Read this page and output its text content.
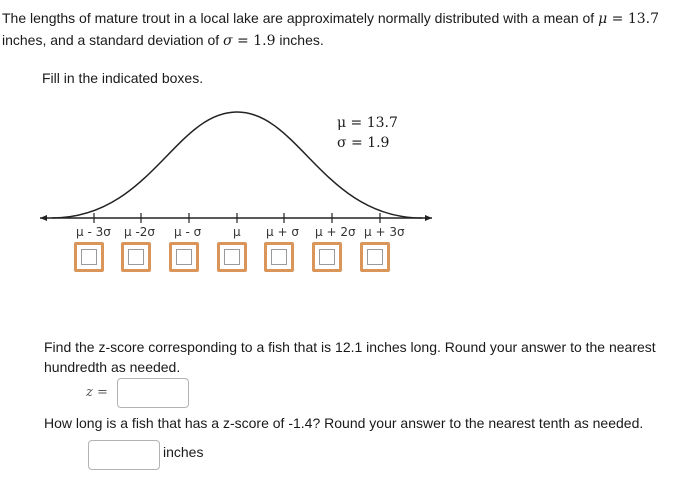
The lengths of mature trout in a local lake are approximately normally distributed with a mean of μ = 13.7
inches, and a standard deviation of σ = 1.9 inches.
Fill in the indicated boxes.
μ = 13.7
σ = 1.9
μ - 3σ μ -2σ μ - σ	μ μ + σ μ + 2σ μ + 3σ
Find the z-score corresponding to a fish that is 12.1 inches long. Round your answer to the nearest hundredth as needed.
z =
How long is a fish that has a z-score of -1.4? Round your answer to the nearest tenth as needed.
inches
